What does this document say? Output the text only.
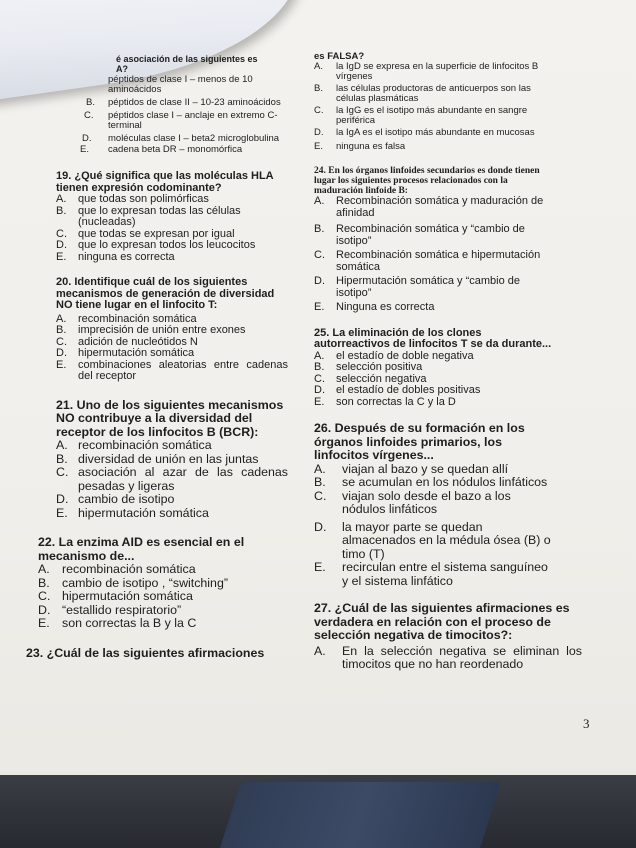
é asociación de las siguientes es

A?

péptidos de clase I – menos de 10 aminoácidos
B.	péptidos de clase II – 10-23 aminoácidos
C.	péptidos clase I – anclaje en extremo C-terminal
D.	moléculas clase I – beta2 microglobulina
E.	cadena beta DR – monomórfica

19. ¿Qué significa que las moléculas HLA tienen expresión codominante?

A.	que todas son polimórficas
B.	que lo expresan todas las células (nucleadas)
C.	que todas se expresan por igual
D.	que lo expresan todos los leucocitos
E.	ninguna es correcta

20. Identifique cuál de los siguientes mecanismos de generación de diversidad NO tiene lugar en el linfocito T:

A.	recombinación somática
B.	imprecisión de unión entre exones
C.	adición de nucleótidos N
D.	hipermutación somática
E.	combinaciones aleatorias entre cadenas del receptor

21. Uno de los siguientes mecanismos NO contribuye a la diversidad del receptor de los linfocitos B (BCR):

A. recombinación somática
B. diversidad de unión en las juntas
C. asociación al azar de las cadenas pesadas y ligeras
D. cambio de isotipo
E. hipermutación somática

22. La enzima AID es esencial en el mecanismo de...

A. recombinación somática
B. cambio de isotipo , “switching”
C. hipermutación somática
D. “estallido respiratorio”
E. son correctas la B y la C

23. ¿Cuál de las siguientes afirmaciones

es FALSA?

A.	la IgD se expresa en la superficie de linfocitos B vírgenes
B.	las células productoras de anticuerpos son las células plasmáticas
C.	la IgG es el isotipo más abundante en sangre periférica
D.	la IgA es el isotipo más abundante en mucosas
E.	ninguna es falsa

24. En los órganos linfoides secundarios es donde tienen lugar los siguientes procesos relacionados con la maduración linfoide B:

A.	Recombinación somática y maduración de afinidad
B.	Recombinación somática y “cambio de isotipo”
C.	Recombinación somática e hipermutación somática
D.	Hipermutación somática y “cambio de isotipo”
E.	Ninguna es correcta

25. La eliminación de los clones autorreactivos de linfocitos T se da durante...

A.	el estadío de doble negativa
B.	selección positiva
C.	selección negativa
D.	el estadío de dobles positivas
E.	son correctas la C y la D

26. Después de su formación en los órganos linfoides primarios, los linfocitos vírgenes...

A.	viajan al bazo y se quedan allí
B.	se acumulan en los nódulos linfáticos
C.	viajan solo desde el bazo a los nódulos linfáticos
D.	la mayor parte se quedan almacenados en la médula ósea (B) o timo (T)
E.	recirculan entre el sistema sanguíneo y el sistema linfático

27. ¿Cuál de las siguientes afirmaciones es verdadera en relación con el proceso de selección negativa de timocitos?:

A.	En la selección negativa se eliminan los timocitos que no han reordenado
3
